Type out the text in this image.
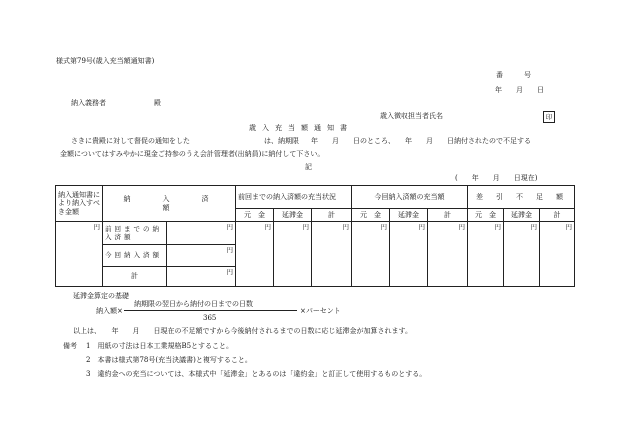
様式第79号(歳入充当額通知書)
番　　　号
年　　月　　日
納入義務者	殿
歳入徴収担当者氏名	印
歳入充当額通知書
さきに貴殿に対して督促の通知をした	は、納期限 年　　月　　日のところ、 年　　月　　日納付されたので不足する
金額についてはすみやかに現金ご持参のうえ会計管理者(出納員)に納付して下さい。
記
(　　年　　月　　日現在)
納入通知書により納入すべき金額	納　　入　　済　　額		前回までの納入済額の充当状況			今回納入済額の充当額			差　引　不　足　額		
			元　金	延滞金	計	元　金	延滞金	計	元　金	延滞金	計
円	前回までの納入済額	円	円	円	円	円	円	円	円	円	円
	今回納入済額	円									
	計	円									
延滞金算定の基礎
納入額×
納期限の翌日から納付の日までの日数
365
×パーセント
以上は、　　年　　月　　日現在の不足額ですから今後納付されるまでの日数に応じ延滞金が加算されます。
備考 1　用紙の寸法は日本工業規格B5とすること。
2　本書は様式第78号(充当決議書)と複写すること。
3　違約金への充当については、本様式中「延滞金」とあるのは「違約金」と訂正して使用するものとする。
